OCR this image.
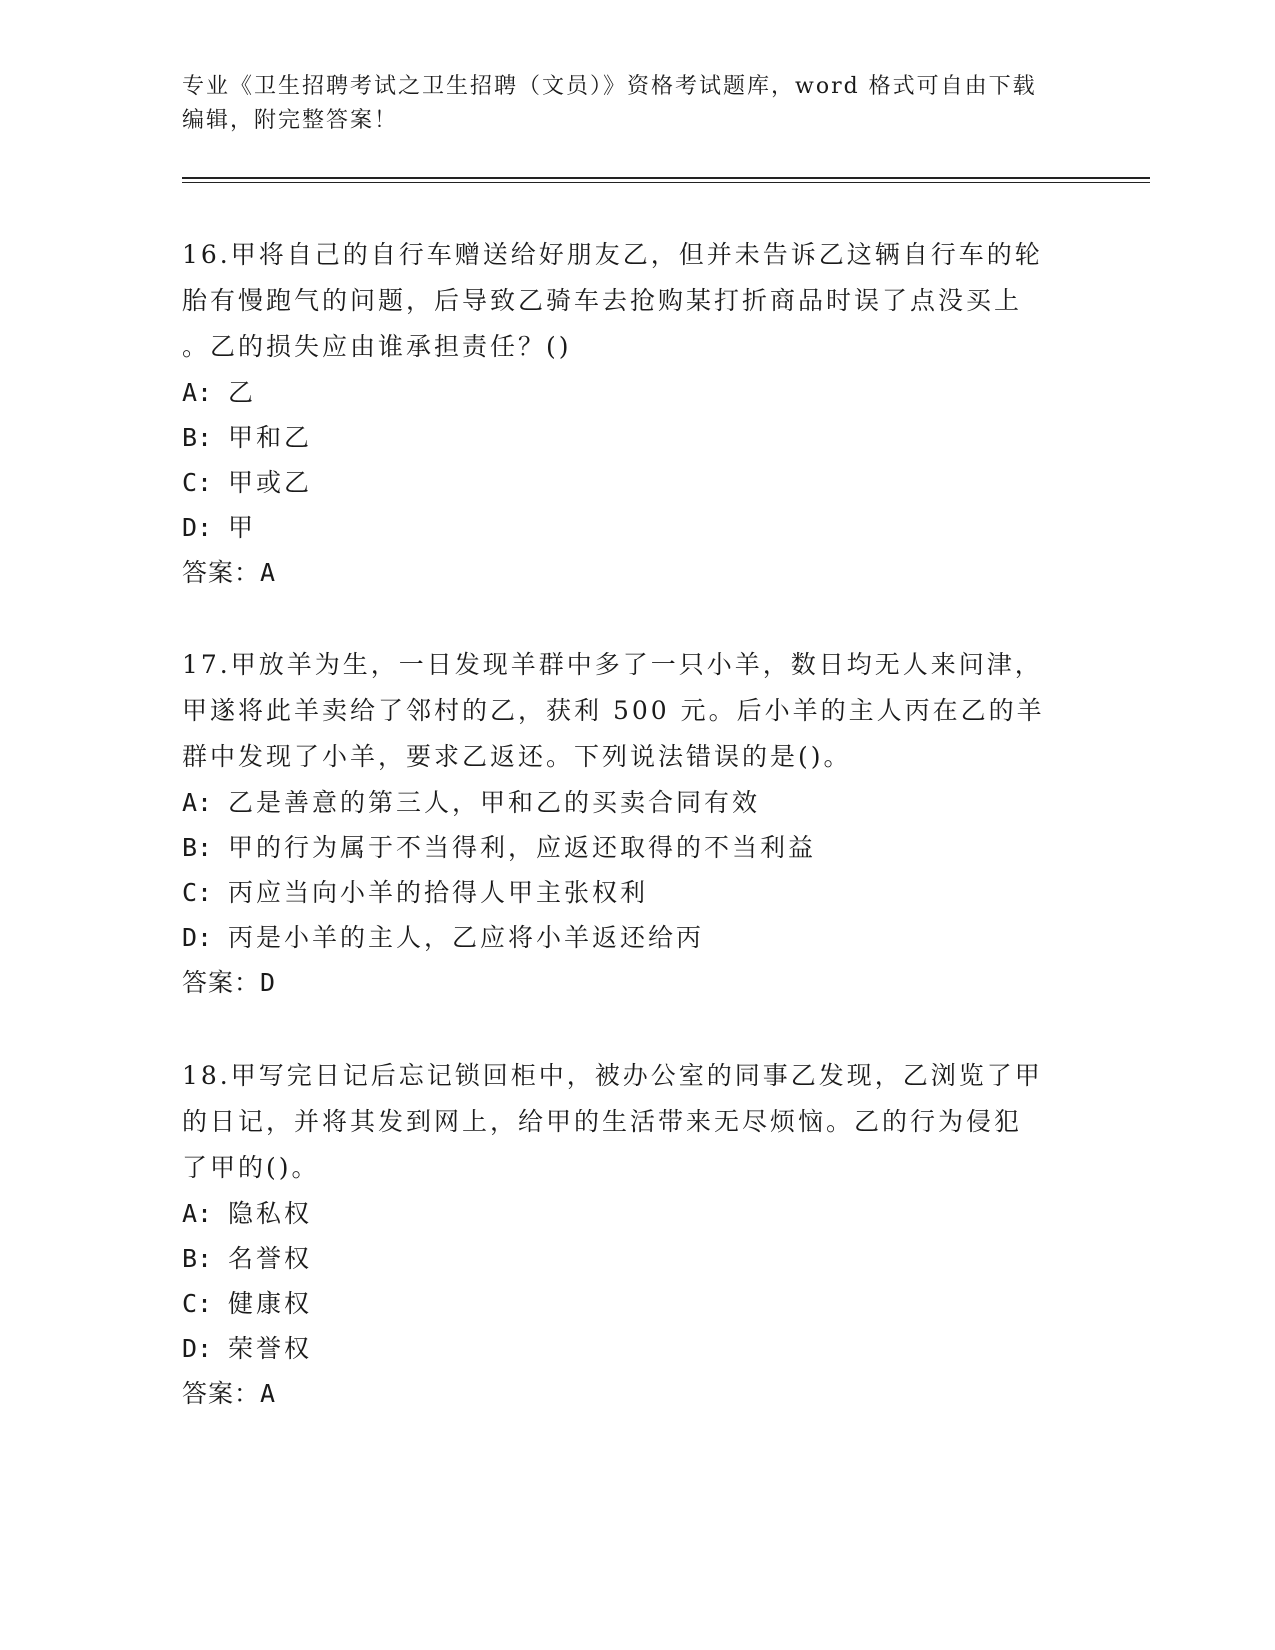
专业《卫生招聘考试之卫生招聘（文员）》资格考试题库，word 格式可自由下载
编辑，附完整答案！
16.甲将自己的自行车赠送给好朋友乙，但并未告诉乙这辆自行车的轮
胎有慢跑气的问题，后导致乙骑车去抢购某打折商品时误了点没买上
。乙的损失应由谁承担责任？()
A: 乙
B: 甲和乙
C: 甲或乙
D: 甲
答案：A
17.甲放羊为生，一日发现羊群中多了一只小羊，数日均无人来问津，
甲遂将此羊卖给了邻村的乙，获利 500 元。后小羊的主人丙在乙的羊
群中发现了小羊，要求乙返还。下列说法错误的是()。
A: 乙是善意的第三人，甲和乙的买卖合同有效
B: 甲的行为属于不当得利，应返还取得的不当利益
C: 丙应当向小羊的拾得人甲主张权利
D: 丙是小羊的主人，乙应将小羊返还给丙
答案：D
18.甲写完日记后忘记锁回柜中，被办公室的同事乙发现，乙浏览了甲
的日记，并将其发到网上，给甲的生活带来无尽烦恼。乙的行为侵犯
了甲的()。
A: 隐私权
B: 名誉权
C: 健康权
D: 荣誉权
答案：A
